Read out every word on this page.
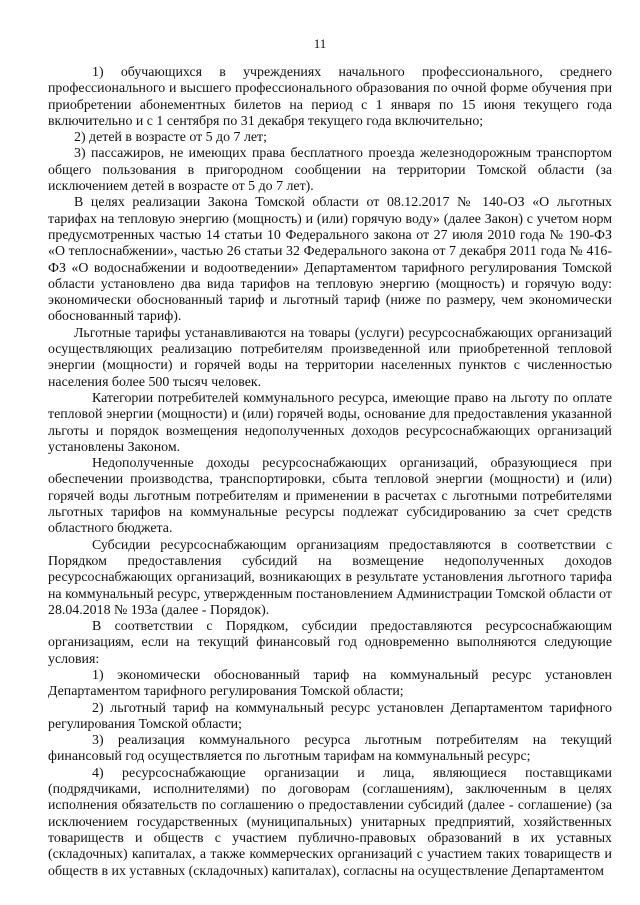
11

1) обучающихся в учреждениях начального профессионального, среднего профессионального и высшего профессионального образования по очной форме обучения при приобретении абонементных билетов на период с 1 января по 15 июня текущего года включительно и с 1 сентября по 31 декабря текущего года включительно;

2) детей в возрасте от 5 до 7 лет;

3) пассажиров, не имеющих права бесплатного проезда железнодорожным транспортом общего пользования в пригородном сообщении на территории Томской области (за исключением детей в возрасте от 5 до 7 лет).

В целях реализации Закона Томской области от 08.12.2017 № 140-ОЗ «О льготных тарифах на тепловую энергию (мощность) и (или) горячую воду» (далее Закон) с учетом норм предусмотренных частью 14 статьи 10 Федерального закона от 27 июля 2010 года № 190-ФЗ «О теплоснабжении», частью 26 статьи 32 Федерального закона от 7 декабря 2011 года № 416-ФЗ «О водоснабжении и водоотведении» Департаментом тарифного регулирования Томской области установлено два вида тарифов на тепловую энергию (мощность) и горячую воду: экономически обоснованный тариф и льготный тариф (ниже по размеру, чем экономически обоснованный тариф).

Льготные тарифы устанавливаются на товары (услуги) ресурсоснабжающих организаций осуществляющих реализацию потребителям произведенной или приобретенной тепловой энергии (мощности) и горячей воды на территории населенных пунктов с численностью населения более 500 тысяч человек.

Категории потребителей коммунального ресурса, имеющие право на льготу по оплате тепловой энергии (мощности) и (или) горячей воды, основание для предоставления указанной льготы и порядок возмещения недополученных доходов ресурсоснабжающих организаций установлены Законом.

Недополученные доходы ресурсоснабжающих организаций, образующиеся при обеспечении производства, транспортировки, сбыта тепловой энергии (мощности) и (или) горячей воды льготным потребителям и применении в расчетах с льготными потребителями льготных тарифов на коммунальные ресурсы подлежат субсидированию за счет средств областного бюджета.

Субсидии ресурсоснабжающим организациям предоставляются в соответствии с Порядком предоставления субсидий на возмещение недополученных доходов ресурсоснабжающих организаций, возникающих в результате установления льготного тарифа на коммунальный ресурс, утвержденным постановлением Администрации Томской области от 28.04.2018 № 193а (далее - Порядок).

В соответствии с Порядком, субсидии предоставляются ресурсоснабжающим организациям, если на текущий финансовый год одновременно выполняются следующие условия:

1) экономически обоснованный тариф на коммунальный ресурс установлен Департаментом тарифного регулирования Томской области;

2) льготный тариф на коммунальный ресурс установлен Департаментом тарифного регулирования Томской области;

3) реализация коммунального ресурса льготным потребителям на текущий финансовый год осуществляется по льготным тарифам на коммунальный ресурс;

4) ресурсоснабжающие организации и лица, являющиеся поставщиками (подрядчиками, исполнителями) по договорам (соглашениям), заключенным в целях исполнения обязательств по соглашению о предоставлении субсидий (далее - соглашение) (за исключением государственных (муниципальных) унитарных предприятий, хозяйственных товариществ и обществ с участием публично-правовых образований в их уставных (складочных) капиталах, а также коммерческих организаций с участием таких товариществ и обществ в их уставных (складочных) капиталах), согласны на осуществление Департаментом
